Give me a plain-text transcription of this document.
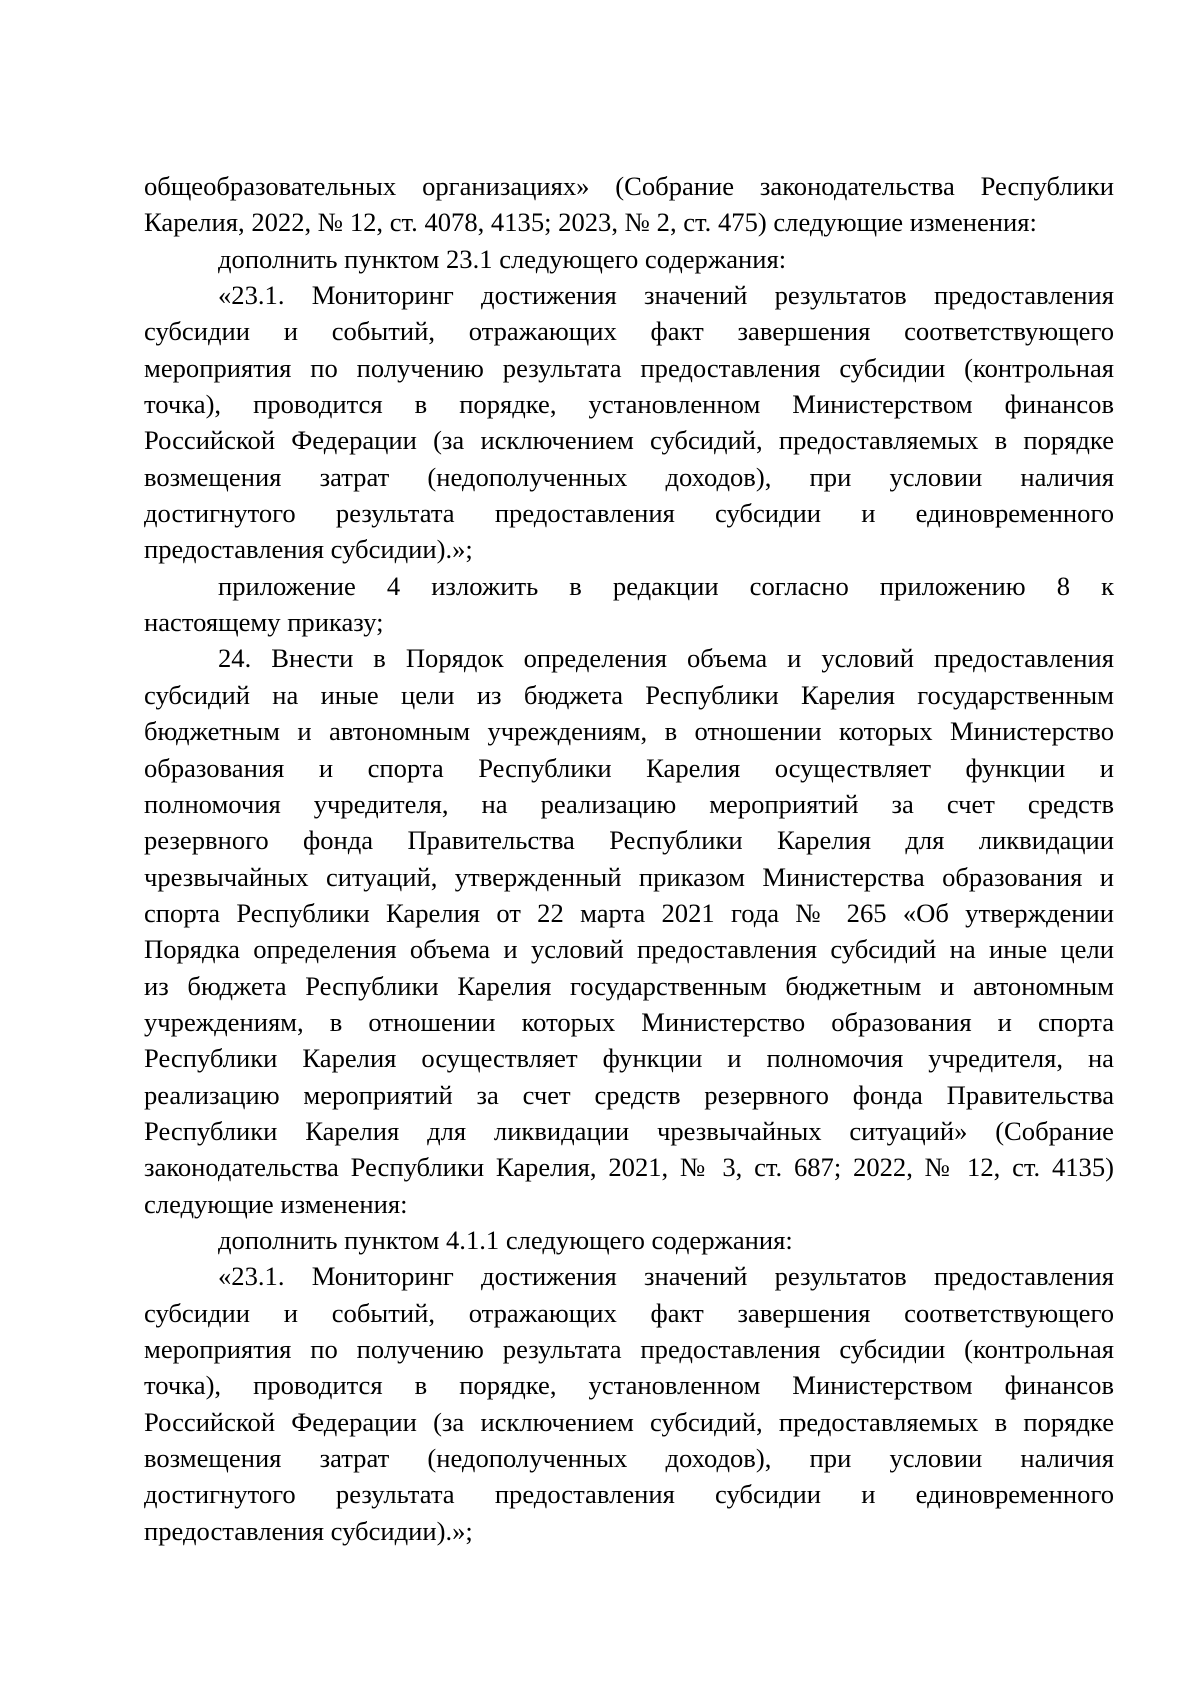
общеобразовательных организациях» (Собрание законодательства Республики
Карелия, 2022, № 12, ст. 4078, 4135; 2023, № 2, ст. 475) следующие изменения:
дополнить пунктом 23.1 следующего содержания:
«23.1. Мониторинг достижения значений результатов предоставления
субсидии и событий, отражающих факт завершения соответствующего
мероприятия по получению результата предоставления субсидии (контрольная
точка), проводится в порядке, установленном Министерством финансов
Российской Федерации (за исключением субсидий, предоставляемых в порядке
возмещения затрат (недополученных доходов), при условии наличия
достигнутого результата предоставления субсидии и единовременного
предоставления субсидии).»;
приложение 4 изложить в редакции согласно приложению 8 к
настоящему приказу;
24. Внести в Порядок определения объема и условий предоставления
субсидий на иные цели из бюджета Республики Карелия государственным
бюджетным и автономным учреждениям, в отношении которых Министерство
образования и спорта Республики Карелия осуществляет функции и
полномочия учредителя, на реализацию мероприятий за счет средств
резервного фонда Правительства Республики Карелия для ликвидации
чрезвычайных ситуаций, утвержденный приказом Министерства образования и
спорта Республики Карелия от 22 марта 2021 года № 265 «Об утверждении
Порядка определения объема и условий предоставления субсидий на иные цели
из бюджета Республики Карелия государственным бюджетным и автономным
учреждениям, в отношении которых Министерство образования и спорта
Республики Карелия осуществляет функции и полномочия учредителя, на
реализацию мероприятий за счет средств резервного фонда Правительства
Республики Карелия для ликвидации чрезвычайных ситуаций» (Собрание
законодательства Республики Карелия, 2021, № 3, ст. 687; 2022, № 12, ст. 4135)
следующие изменения:
дополнить пунктом 4.1.1 следующего содержания:
«23.1. Мониторинг достижения значений результатов предоставления
субсидии и событий, отражающих факт завершения соответствующего
мероприятия по получению результата предоставления субсидии (контрольная
точка), проводится в порядке, установленном Министерством финансов
Российской Федерации (за исключением субсидий, предоставляемых в порядке
возмещения затрат (недополученных доходов), при условии наличия
достигнутого результата предоставления субсидии и единовременного
предоставления субсидии).»;
